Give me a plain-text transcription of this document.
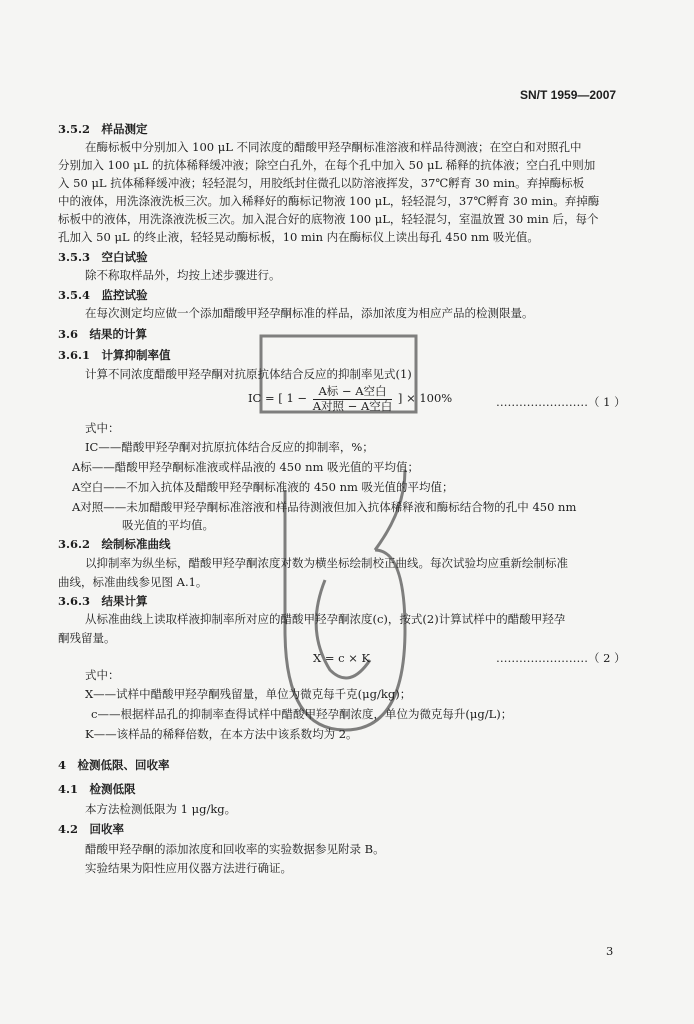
SN/T 1959—2007
3.5.2　样品测定
在酶标板中分别加入 100 μL 不同浓度的醋酸甲羟孕酮标准溶液和样品待测液；在空白和对照孔中
分别加入 100 μL 的抗体稀释缓冲液；除空白孔外，在每个孔中加入 50 μL 稀释的抗体液；空白孔中则加
入 50 μL 抗体稀释缓冲液；轻轻混匀，用胶纸封住微孔以防溶液挥发，37℃孵育 30 min。弃掉酶标板
中的液体，用洗涤液洗板三次。加入稀释好的酶标记物液 100 μL，轻轻混匀，37℃孵育 30 min。弃掉酶
标板中的液体，用洗涤液洗板三次。加入混合好的底物液 100 μL，轻轻混匀，室温放置 30 min 后，每个
孔加入 50 μL 的终止液，轻轻晃动酶标板，10 min 内在酶标仪上读出每孔 450 nm 吸光值。
3.5.3　空白试验
除不称取样品外，均按上述步骤进行。
3.5.4　监控试验
在每次测定均应做一个添加醋酸甲羟孕酮标准的样品，添加浓度为相应产品的检测限量。
3.6　结果的计算
3.6.1　计算抑制率值
计算不同浓度醋酸甲羟孕酮对抗原抗体结合反应的抑制率见式(1)
IC = [ $1 - \frac{\text{A标 − A空白}}{\text{A对照 − A空白}}$ ] × 100%	……………………（ 1 ）
式中：
IC——醋酸甲羟孕酮对抗原抗体结合反应的抑制率，%；
A标——醋酸甲羟孕酮标准液或样品液的 450 nm 吸光值的平均值；
A空白——不加入抗体及醋酸甲羟孕酮标准液的 450 nm 吸光值的平均值；
A对照——未加醋酸甲羟孕酮标准溶液和样品待测液但加入抗体稀释液和酶标结合物的孔中 450 nm
吸光值的平均值。
3.6.2　绘制标准曲线
以抑制率为纵坐标，醋酸甲羟孕酮浓度对数为横坐标绘制校正曲线。每次试验均应重新绘制标准
曲线，标准曲线参见图 A.1。
3.6.3　结果计算
从标准曲线上读取样液抑制率所对应的醋酸甲羟孕酮浓度(c)，按式(2)计算试样中的醋酸甲羟孕
酮残留量。
X = c × K	……………………（ 2 ）
式中：
X——试样中醋酸甲羟孕酮残留量，单位为微克每千克(μg/kg)；
c——根据样品孔的抑制率查得试样中醋酸甲羟孕酮浓度，单位为微克每升(μg/L)；
K——该样品的稀释倍数，在本方法中该系数均为 2。
4　检测低限、回收率
4.1　检测低限
本方法检测低限为 1 μg/kg。
4.2　回收率
醋酸甲羟孕酮的添加浓度和回收率的实验数据参见附录 B。
实验结果为阳性应用仪器方法进行确证。
3
